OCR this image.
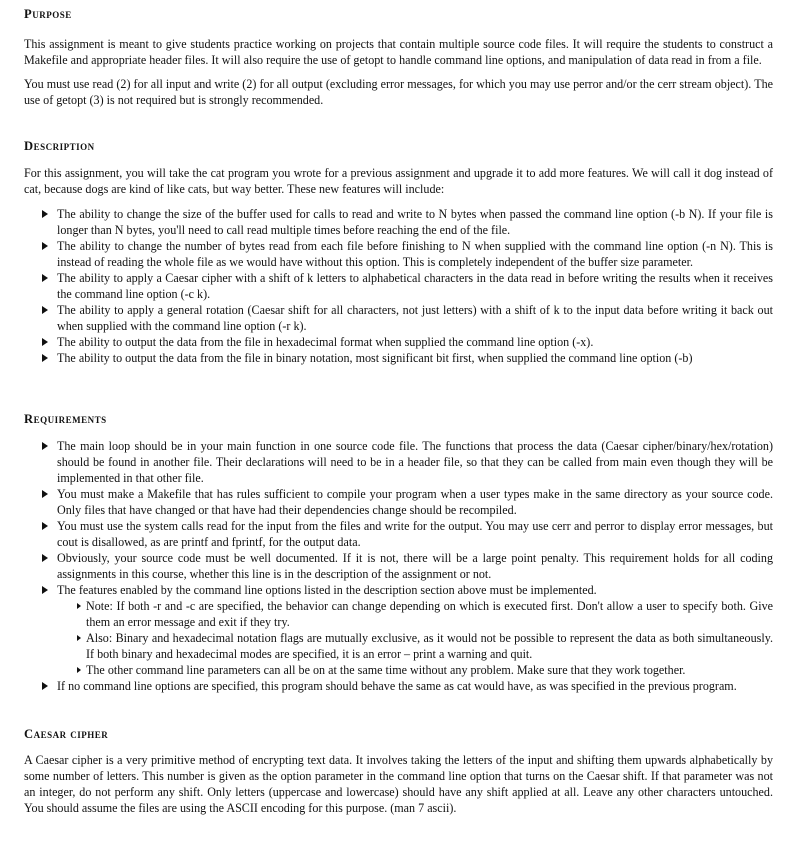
Purpose

This assignment is meant to give students practice working on projects that contain multiple source code files. It will require the students to construct a Makefile and appropriate header files. It will also require the use of getopt to handle command line options, and manipulation of data read in from a file.

You must use read (2) for all input and write (2) for all output (excluding error messages, for which you may use perror and/or the cerr stream object). The use of getopt (3) is not required but is strongly recommended.

Description

For this assignment, you will take the cat program you wrote for a previous assignment and upgrade it to add more features. We will call it dog instead of cat, because dogs are kind of like cats, but way better. These new features will include:

The ability to change the size of the buffer used for calls to read and write to N bytes when passed the command line option (-b N). If your file is longer than N bytes, you'll need to call read multiple times before reaching the end of the file.
The ability to change the number of bytes read from each file before finishing to N when supplied with the command line option (-n N). This is instead of reading the whole file as we would have without this option. This is completely independent of the buffer size parameter.
The ability to apply a Caesar cipher with a shift of k letters to alphabetical characters in the data read in before writing the results when it receives the command line option (-c k).
The ability to apply a general rotation (Caesar shift for all characters, not just letters) with a shift of k to the input data before writing it back out when supplied with the command line option (-r k).
The ability to output the data from the file in hexadecimal format when supplied the command line option (-x).
The ability to output the data from the file in binary notation, most significant bit first, when supplied the command line option (-b)
Requirements
The main loop should be in your main function in one source code file. The functions that process the data (Caesar cipher/binary/hex/rotation) should be found in another file. Their declarations will need to be in a header file, so that they can be called from main even though they will be implemented in that other file.
You must make a Makefile that has rules sufficient to compile your program when a user types make in the same directory as your source code. Only files that have changed or that have had their dependencies change should be recompiled.
You must use the system calls read for the input from the files and write for the output. You may use cerr and perror to display error messages, but cout is disallowed, as are printf and fprintf, for the output data.
Obviously, your source code must be well documented. If it is not, there will be a large point penalty. This requirement holds for all coding assignments in this course, whether this line is in the description of the assignment or not.
The features enabled by the command line options listed in the description section above must be implemented.
Note: If both -r and -c are specified, the behavior can change depending on which is executed first. Don't allow a user to specify both. Give them an error message and exit if they try.
Also: Binary and hexadecimal notation flags are mutually exclusive, as it would not be possible to represent the data as both simultaneously. If both binary and hexadecimal modes are specified, it is an error – print a warning and quit.
The other command line parameters can all be on at the same time without any problem. Make sure that they work together.
If no command line options are specified, this program should behave the same as cat would have, as was specified in the previous program.
Caesar cipher

A Caesar cipher is a very primitive method of encrypting text data. It involves taking the letters of the input and shifting them upwards alphabetically by some number of letters. This number is given as the option parameter in the command line option that turns on the Caesar shift. If that parameter was not an integer, do not perform any shift. Only letters (uppercase and lowercase) should have any shift applied at all. Leave any other characters untouched. You should assume the files are using the ASCII encoding for this purpose. (man 7 ascii).
